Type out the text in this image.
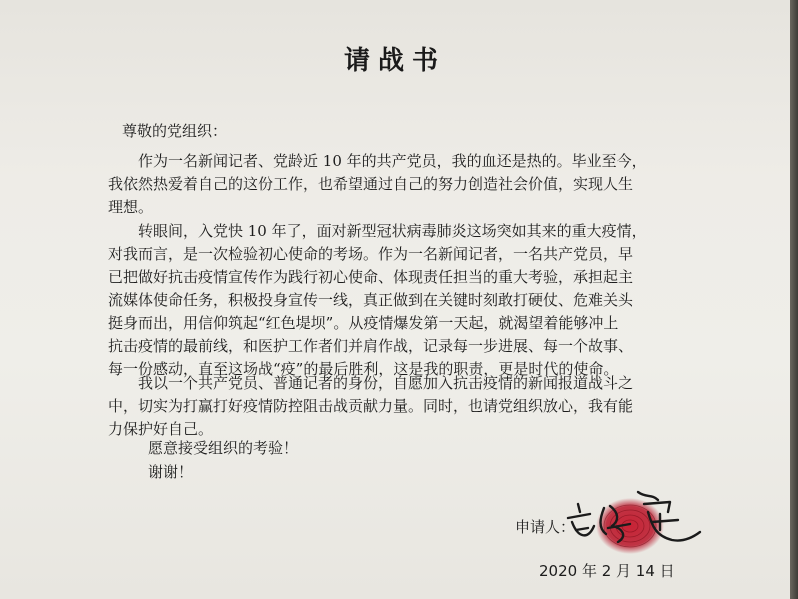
请战书
尊敬的党组织：
　　作为一名新闻记者、党龄近 10 年的共产党员，我的血还是热的。毕业至今，
我依然热爱着自己的这份工作，也希望通过自己的努力创造社会价值，实现人生
理想。
　　转眼间，入党快 10 年了，面对新型冠状病毒肺炎这场突如其来的重大疫情，
对我而言，是一次检验初心使命的考场。作为一名新闻记者，一名共产党员，早
已把做好抗击疫情宣传作为践行初心使命、体现责任担当的重大考验，承担起主
流媒体使命任务，积极投身宣传一线，真正做到在关键时刻敢打硬仗、危难关头
挺身而出，用信仰筑起“红色堤坝”。从疫情爆发第一天起，就渴望着能够冲上
抗击疫情的最前线，和医护工作者们并肩作战，记录每一步进展、每一个故事、
每一份感动，直至这场战“疫”的最后胜利，这是我的职责，更是时代的使命。
　　我以一个共产党员、普通记者的身份，自愿加入抗击疫情的新闻报道战斗之
中，切实为打赢打好疫情防控阻击战贡献力量。同时，也请党组织放心，我有能
力保护好自己。
愿意接受组织的考验！
谢谢！
申请人：
2020 年 2 月 14 日
